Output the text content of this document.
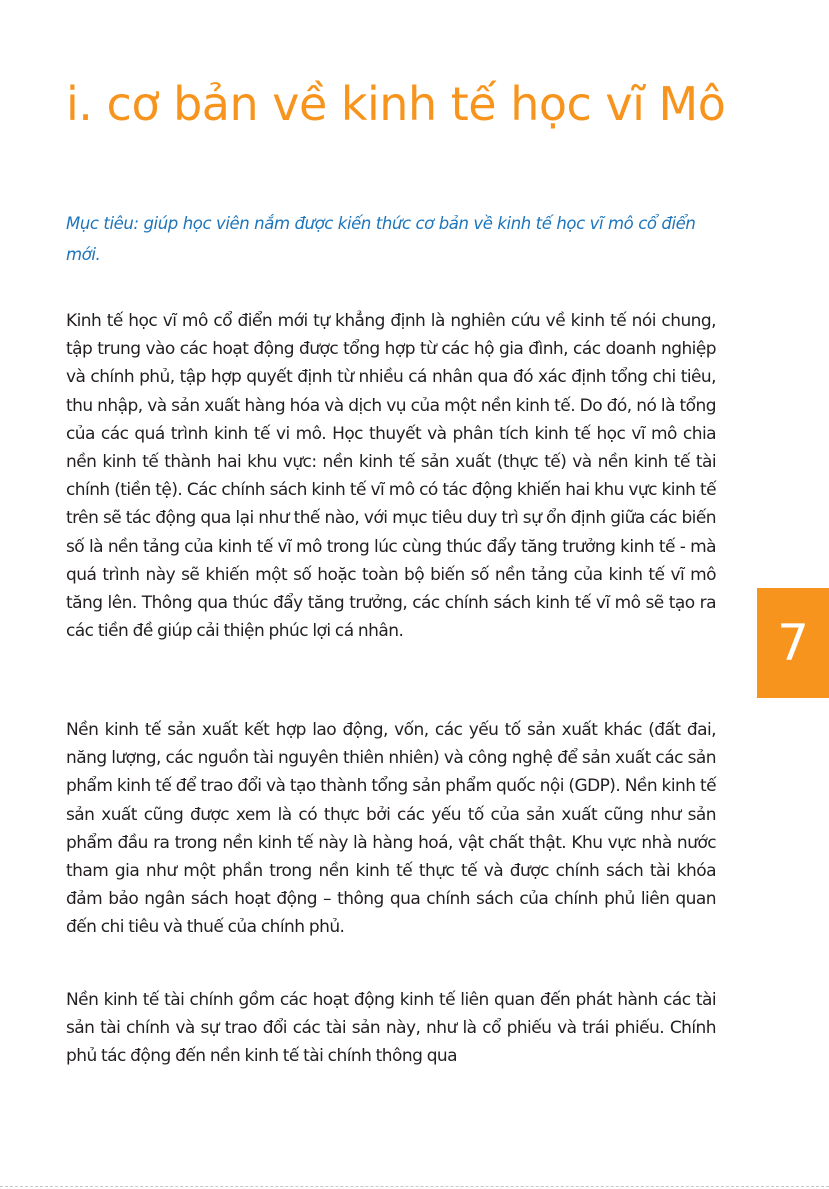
i. cơ bản về kinh tế học vĩ Mô

Mục tiêu: giúp học viên nắm được kiến thức cơ bản về kinh tế học vĩ mô cổ điển mới.

Kinh tế học vĩ mô cổ điển mới tự khẳng định là nghiên cứu về kinh tế nói chung, tập trung vào các hoạt động được tổng hợp từ các hộ gia đình, các doanh nghiệp và chính phủ, tập hợp quyết định từ nhiều cá nhân qua đó xác định tổng chi tiêu, thu nhập, và sản xuất hàng hóa và dịch vụ của một nền kinh tế. Do đó, nó là tổng của các quá trình kinh tế vi mô. Học thuyết và phân tích kinh tế học vĩ mô chia nền kinh tế thành hai khu vực: nền kinh tế sản xuất (thực tế) và nền kinh tế tài chính (tiền tệ). Các chính sách kinh tế vĩ mô có tác động khiến hai khu vực kinh tế trên sẽ tác động qua lại như thế nào, với mục tiêu duy trì sự ổn định giữa các biến số là nền tảng của kinh tế vĩ mô trong lúc cùng thúc đẩy tăng trưởng kinh tế - mà quá trình này sẽ khiến một số hoặc toàn bộ biến số nền tảng của kinh tế vĩ mô tăng lên. Thông qua thúc đẩy tăng trưởng, các chính sách kinh tế vĩ mô sẽ tạo ra các tiền đề giúp cải thiện phúc lợi cá nhân.

Nền kinh tế sản xuất kết hợp lao động, vốn, các yếu tố sản xuất khác (đất đai, năng lượng, các nguồn tài nguyên thiên nhiên) và công nghệ để sản xuất các sản phẩm kinh tế để trao đổi và tạo thành tổng sản phẩm quốc nội (GDP). Nền kinh tế sản xuất cũng được xem là có thực bởi các yếu tố của sản xuất cũng như sản phẩm đầu ra trong nền kinh tế này là hàng hoá, vật chất thật. Khu vực nhà nước tham gia như một phần trong nền kinh tế thực tế và được chính sách tài khóa đảm bảo ngân sách hoạt động – thông qua chính sách của chính phủ liên quan đến chi tiêu và thuế của chính phủ.

Nền kinh tế tài chính gồm các hoạt động kinh tế liên quan đến phát hành các tài sản tài chính và sự trao đổi các tài sản này, như là cổ phiếu và trái phiếu. Chính phủ tác động đến nền kinh tế tài chính thông qua

7
